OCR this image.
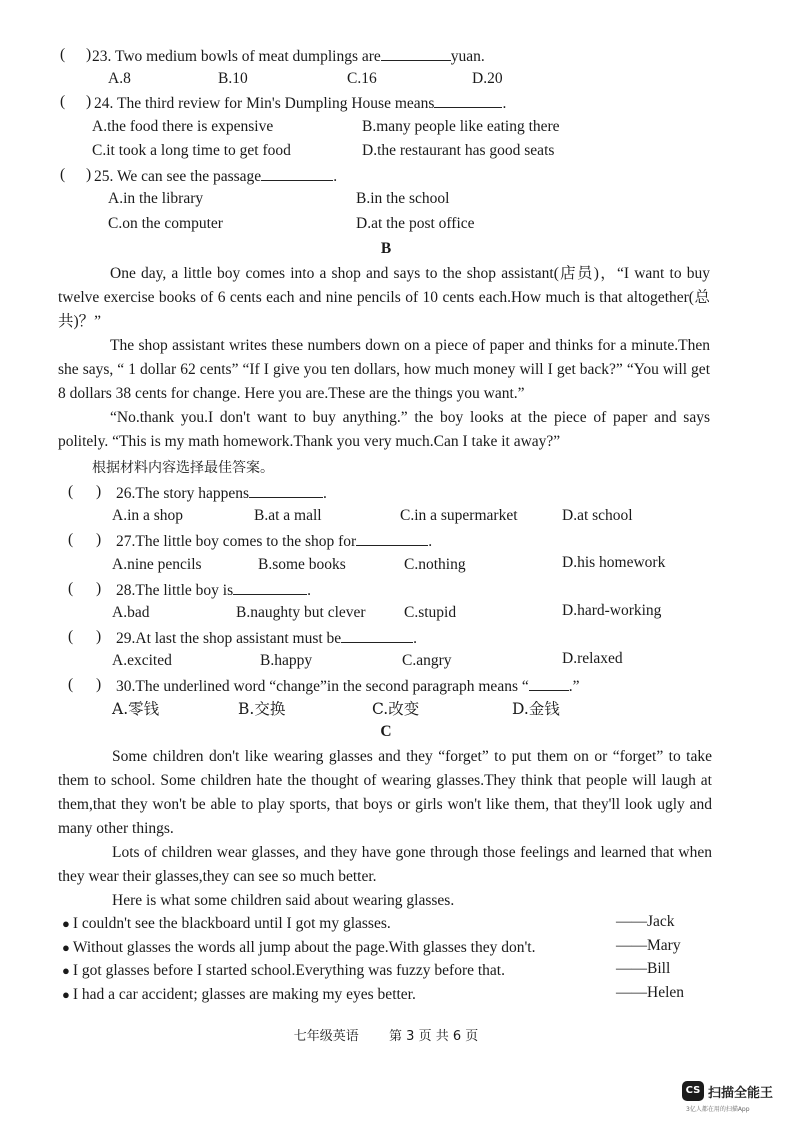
( ) 23. Two medium bowls of meat dumplings are	yuan.
A.8	B.10	C.16	D.20
( ) 24. The third review for Min's Dumpling House means	.
A.the food there is expensive	B.many people like eating there
C.it took a long time to get food	D.the restaurant has good seats
( ) 25. We can see the passage	.
A.in the library	B.in the school
C.on the computer	D.at the post office
B

One day, a little boy comes into a shop and says to the shop assistant(店员)，“I want to buy twelve exercise books of 6 cents each and nine pencils of 10 cents each.How much is that altogether(总共)？”

The shop assistant writes these numbers down on a piece of paper and thinks for a minute.Then she says, “ 1 dollar 62 cents” “If I give you ten dollars, how much money will I get back?” “You will get 8 dollars 38 cents for change. Here you are.These are the things you want.”

“No.thank you.I don't want to buy anything.” the boy looks at the piece of paper and says politely. “This is my math homework.Thank you very much.Can I take it away?”

根据材料内容选择最佳答案。
( ) 26.The story happens	.
A.in a shop	B.at a mall	C.in a supermarket	D.at school
( ) 27.The little boy comes to the shop for	.
A.nine pencils	B.some books	C.nothing	D.his homework
( ) 28.The little boy is	.
A.bad	B.naughty but clever C.stupid	D.hard-working
( ) 29.At last the shop assistant must be	.
A.excited	B.happy	C.angry	D.relaxed
( ) 30.The underlined word “change”in the second paragraph means “	.”
A.零钱	B.交换	C.改变	D.金钱
C

Some children don't like wearing glasses and they “forget” to put them on or “forget” to take them to school. Some children hate the thought of wearing glasses.They think that people will laugh at them,that they won't be able to play sports, that boys or girls won't like them, that they'll look ugly and many other things.

Lots of children wear glasses, and they have gone through those feelings and learned that when they wear their glasses,they can see so much better.

Here is what some children said about wearing glasses.

● I couldn't see the blackboard until I got my glasses.	——Jack
● Without glasses the words all jump about the page.With glasses they don't.	——Mary
● I got glasses before I started school.Everything was fuzzy before that.	——Bill
● I had a car accident; glasses are making my eyes better.	——Helen
七年级英语 第 3 页 共 6 页
CS 扫描全能王
3亿人都在用的扫描App
